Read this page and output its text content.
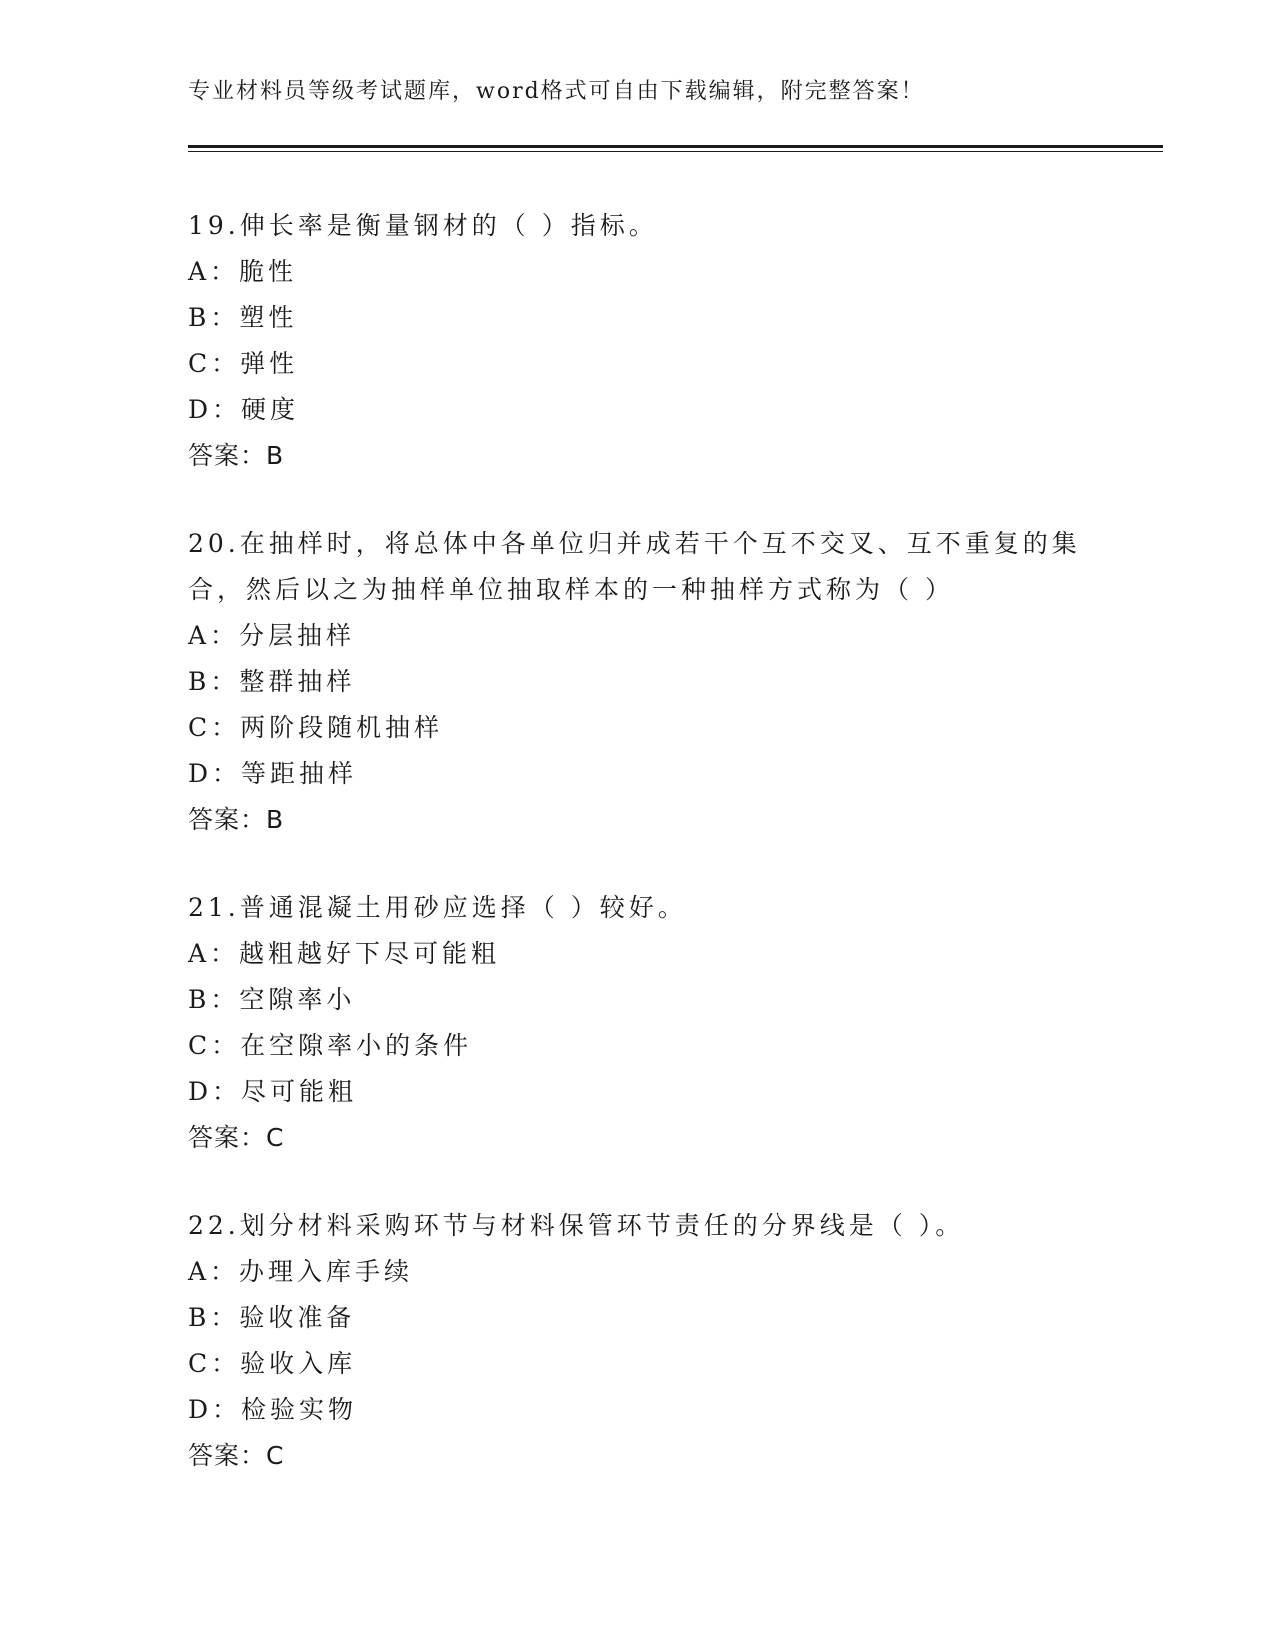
专业材料员等级考试题库，word格式可自由下载编辑，附完整答案！
19.伸长率是衡量钢材的（ ）指标。
A：脆性
B：塑性
C：弹性
D：硬度
答案：B
20.在抽样时，将总体中各单位归并成若干个互不交叉、互不重复的集合，然后以之为抽样单位抽取样本的一种抽样方式称为（ ）
A：分层抽样
B：整群抽样
C：两阶段随机抽样
D：等距抽样
答案：B
21.普通混凝土用砂应选择（ ）较好。
A：越粗越好下尽可能粗
B：空隙率小
C：在空隙率小的条件
D：尽可能粗
答案：C
22.划分材料采购环节与材料保管环节责任的分界线是（ ）。
A：办理入库手续
B：验收准备
C：验收入库
D：检验实物
答案：C
